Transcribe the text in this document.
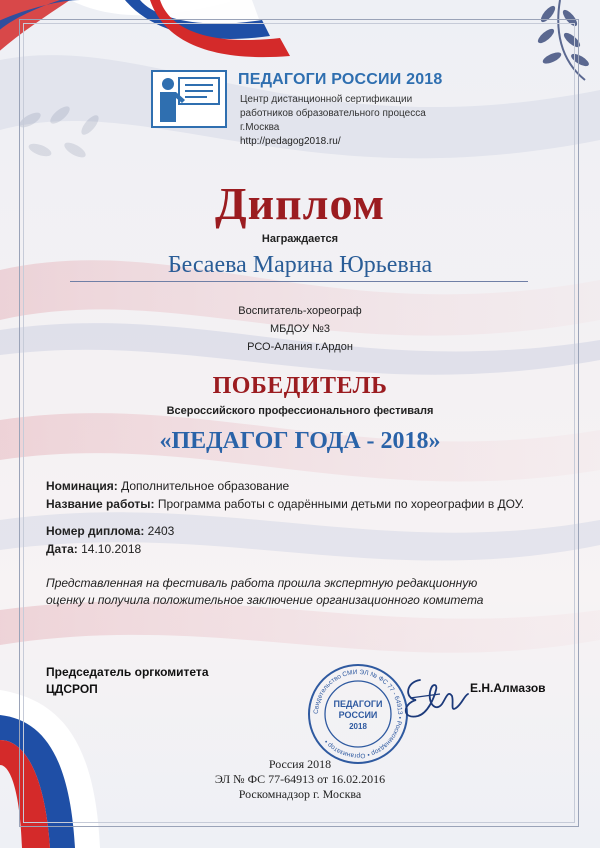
ПЕДАГОГИ РОССИИ 2018
Центр дистанционной сертификации
работников образовательного процесса
г.Москва
http://pedagog2018.ru/
Диплом
Награждается
Бесаева Марина Юрьевна
Воспитатель-хореограф
МБДОУ №3
РСО-Алания г.Ардон
ПОБЕДИТЕЛЬ
Всероссийского профессионального фестиваля
«ПЕДАГОГ ГОДА - 2018»
Номинация: Дополнительное образование
Название работы: Программа работы с одарёнными детьми по хореографии в ДОУ.
Номер диплома: 2403
Дата: 14.10.2018
Представленная на фестиваль работа прошла экспертную редакционную
оценку и получила положительное заключение организационного комитета
Председатель оргкомитета
ЦДСРОП
Свидетельство СМИ ЭЛ № ФС 77 - 64913 • Роскомнадзор • Организатор •
ПЕДАГОГИ
РОССИИ
2018
Е.Н.Алмазов
Россия 2018
ЭЛ № ФС 77-64913 от 16.02.2016
Роскомнадзор г. Москва
